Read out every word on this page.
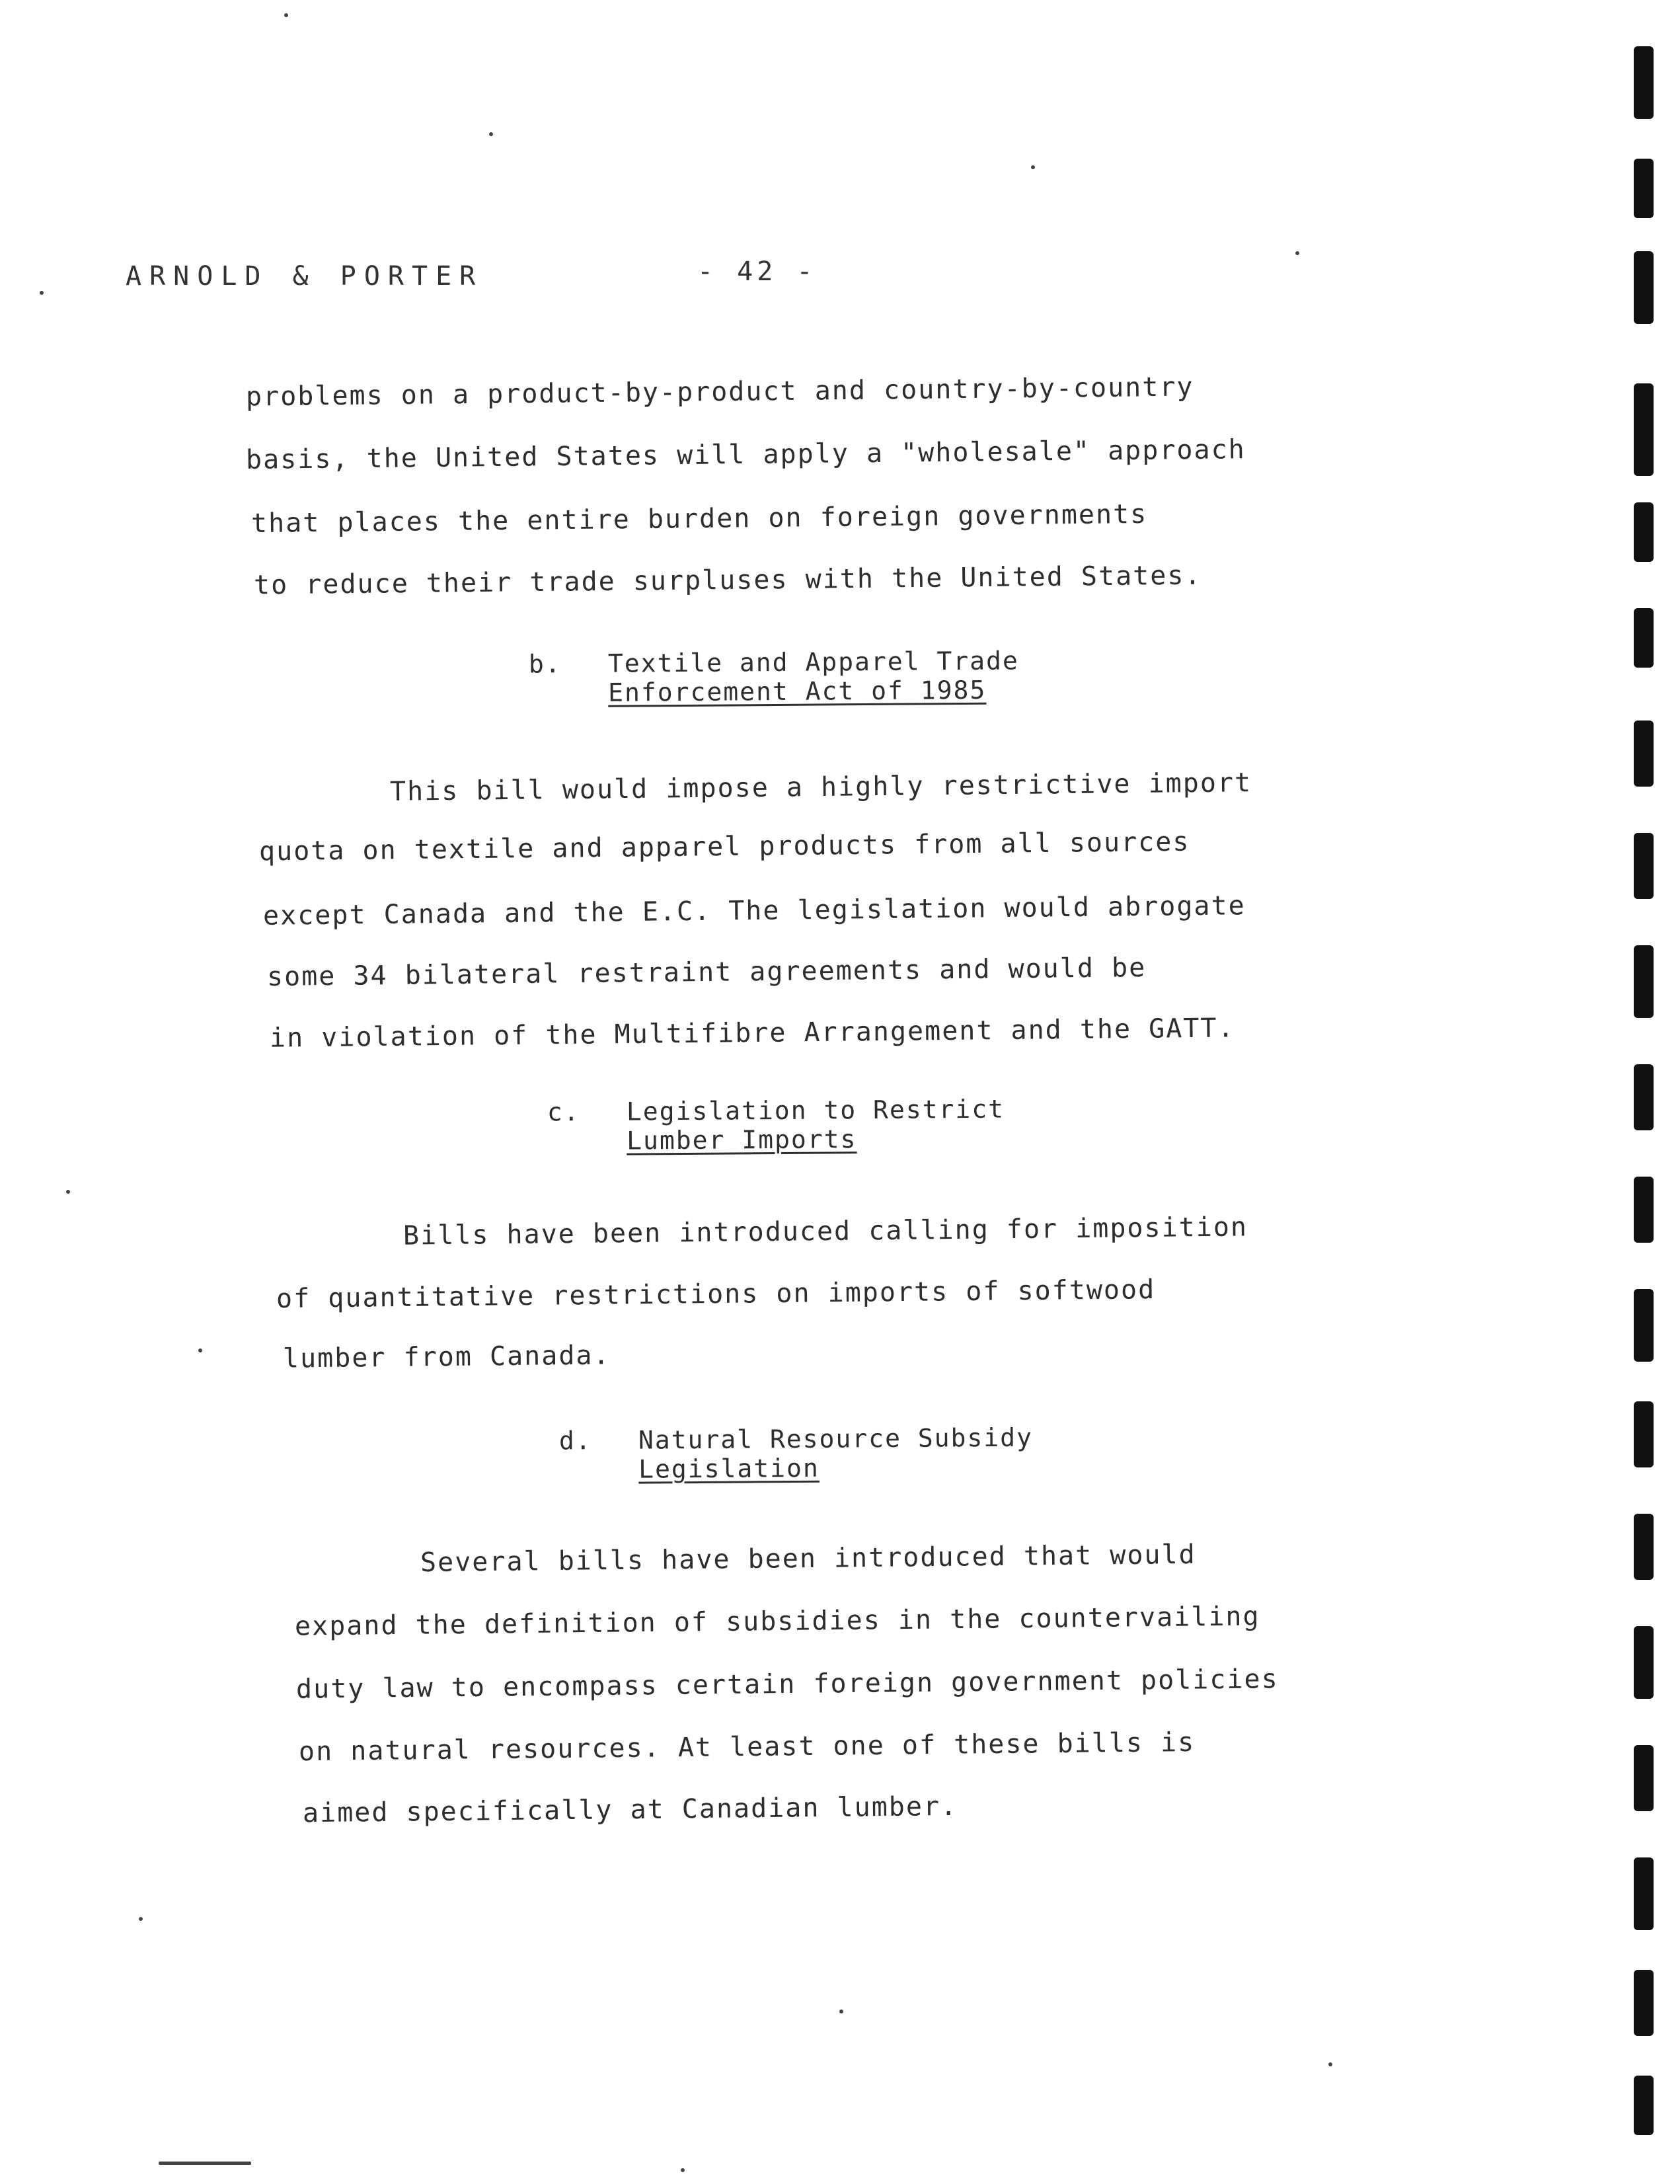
ARNOLD & PORTER	- 42 -
problems on a product-by-product and country-by-country
basis, the United States will apply a "wholesale" approach
that places the entire burden on foreign governments
to reduce their trade surpluses with the United States.
b. Textile and Apparel Trade
Enforcement Act of 1985
This bill would impose a highly restrictive import
quota on textile and apparel products from all sources
except Canada and the E.C. The legislation would abrogate
some 34 bilateral restraint agreements and would be
in violation of the Multifibre Arrangement and the GATT.
c. Legislation to Restrict
Lumber Imports
Bills have been introduced calling for imposition
of quantitative restrictions on imports of softwood
lumber from Canada.
d. Natural Resource Subsidy
Legislation
Several bills have been introduced that would
expand the definition of subsidies in the countervailing
duty law to encompass certain foreign government policies
on natural resources. At least one of these bills is
aimed specifically at Canadian lumber.
